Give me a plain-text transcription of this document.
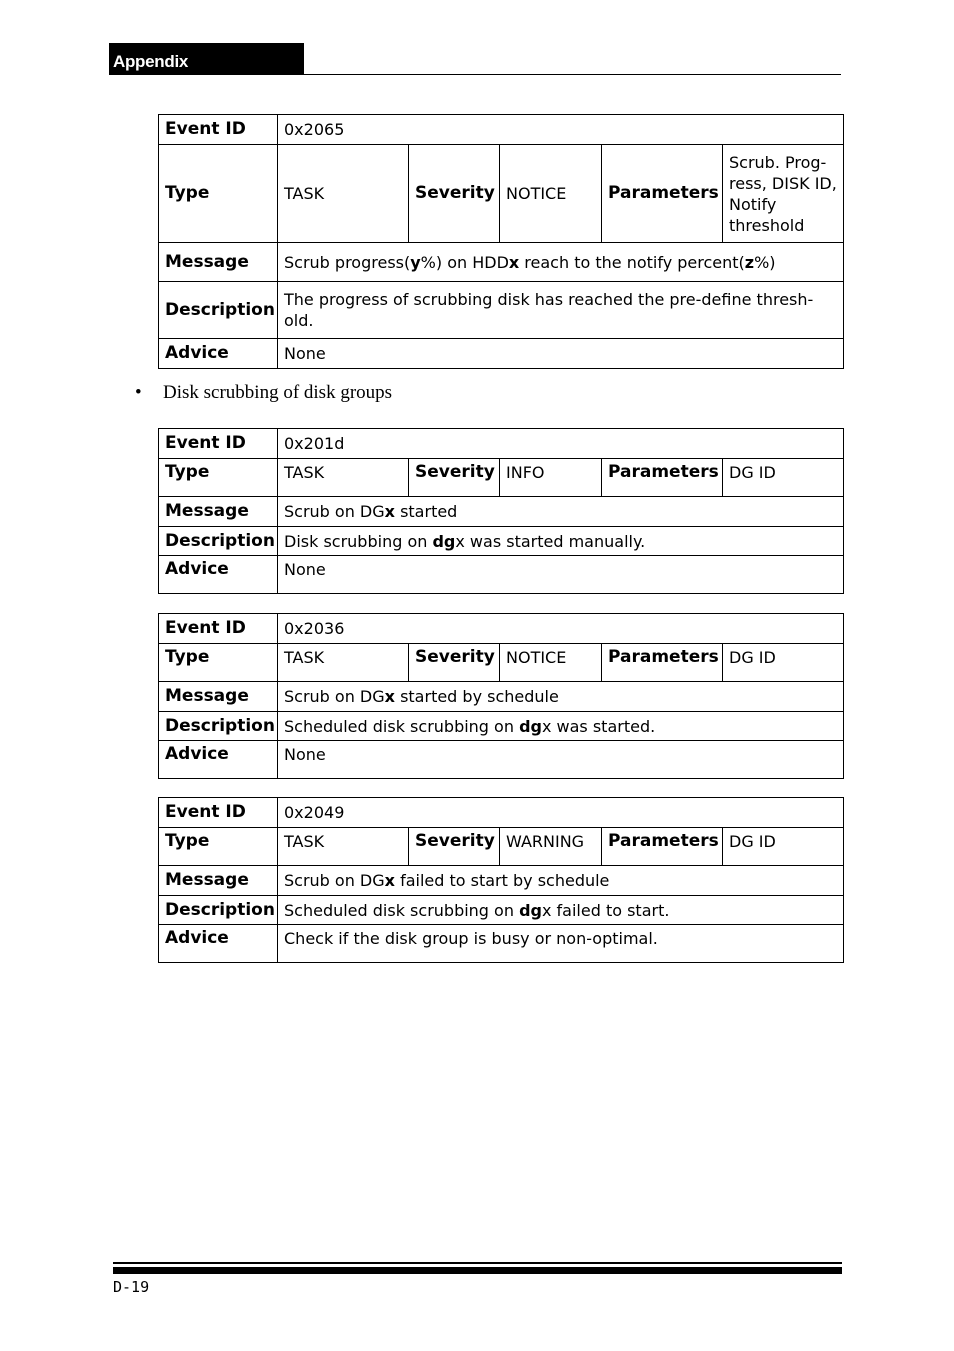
Appendix
Event ID	0x2065				
Type	TASK	Severity	NOTICE	Parameters	Scrub. Prog-ress, DISK ID, Notify threshold
Message	Scrub progress(y%) on HDDx reach to the notify percent(z%)				
Description	The progress of scrubbing disk has reached the pre-define thresh-old.				
Advice	None				
• Disk scrubbing of disk groups
Event ID	0x201d				
Type	TASK	Severity	INFO	Parameters	DG ID
Message	Scrub on DGx started				
Description	Disk scrubbing on dgx was started manually.				
Advice	None				
Event ID	0x2036				
Type	TASK	Severity	NOTICE	Parameters	DG ID
Message	Scrub on DGx started by schedule				
Description	Scheduled disk scrubbing on dgx was started.				
Advice	None				
Event ID	0x2049				
Type	TASK	Severity	WARNING	Parameters	DG ID
Message	Scrub on DGx failed to start by schedule				
Description	Scheduled disk scrubbing on dgx failed to start.				
Advice	Check if the disk group is busy or non-optimal.				
D-19
